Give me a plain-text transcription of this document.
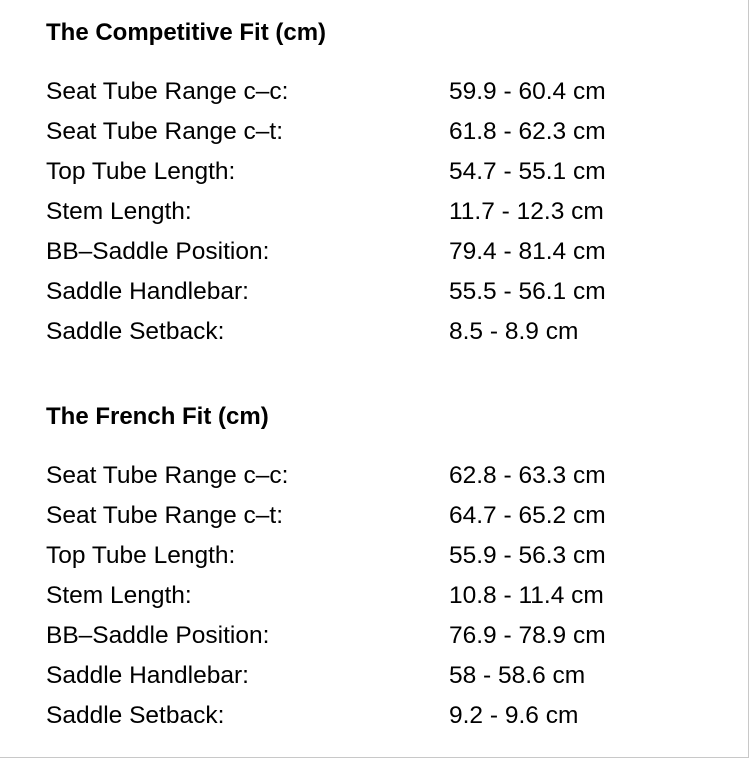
The Competitive Fit (cm)
Seat Tube Range c–c:	59.9 - 60.4 cm
Seat Tube Range c–t:	61.8 - 62.3 cm
Top Tube Length:	54.7 - 55.1 cm
Stem Length:	11.7 - 12.3 cm
BB–Saddle Position:	79.4 - 81.4 cm
Saddle Handlebar:	55.5 - 56.1 cm
Saddle Setback:	8.5 - 8.9 cm
The French Fit (cm)
Seat Tube Range c–c:	62.8 - 63.3 cm
Seat Tube Range c–t:	64.7 - 65.2 cm
Top Tube Length:	55.9 - 56.3 cm
Stem Length:	10.8 - 11.4 cm
BB–Saddle Position:	76.9 - 78.9 cm
Saddle Handlebar:	58 - 58.6 cm
Saddle Setback:	9.2 - 9.6 cm
